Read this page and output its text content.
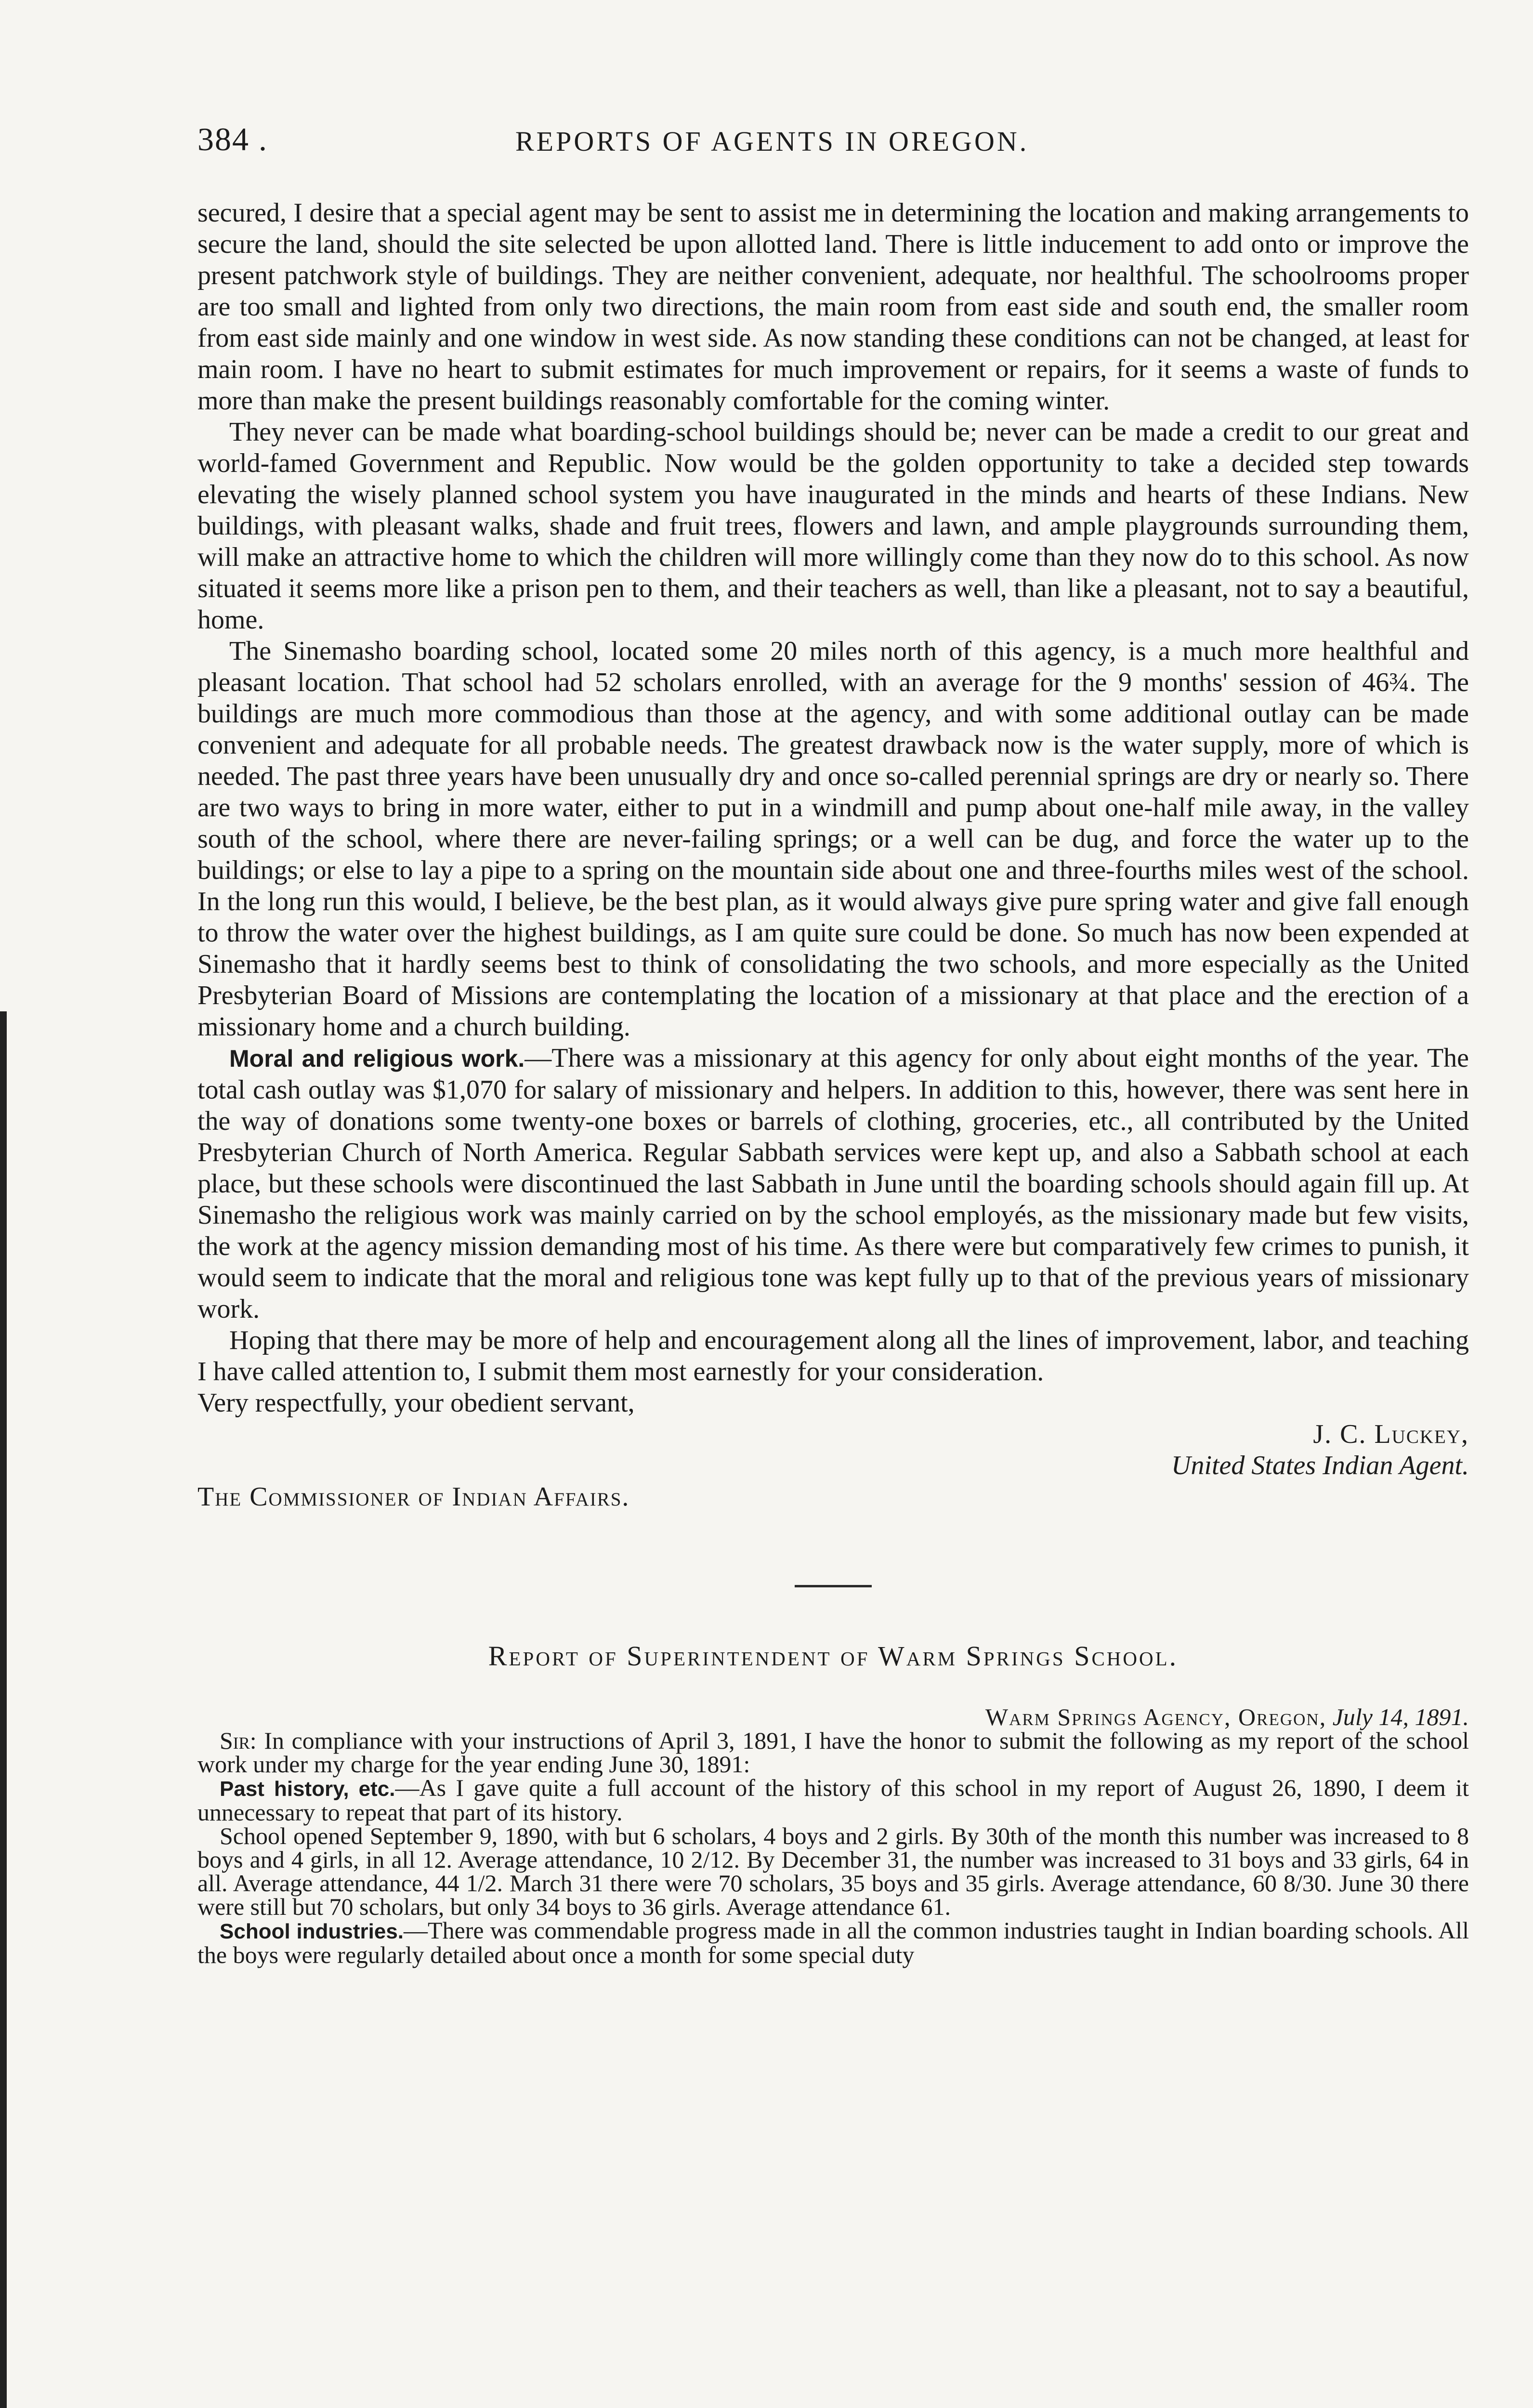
384 .	REPORTS OF AGENTS IN OREGON.

secured, I desire that a special agent may be sent to assist me in determining the location and making arrangements to secure the land, should the site selected be upon allotted land. There is little inducement to add onto or improve the present patchwork style of buildings. They are neither convenient, adequate, nor healthful. The schoolrooms proper are too small and lighted from only two directions, the main room from east side and south end, the smaller room from east side mainly and one window in west side. As now standing these conditions can not be changed, at least for main room. I have no heart to submit estimates for much improvement or repairs, for it seems a waste of funds to more than make the present buildings reasonably comfortable for the coming winter.

They never can be made what boarding-school buildings should be; never can be made a credit to our great and world-famed Government and Republic. Now would be the golden opportunity to take a decided step towards elevating the wisely planned school system you have inaugurated in the minds and hearts of these Indians. New buildings, with pleasant walks, shade and fruit trees, flowers and lawn, and ample playgrounds surrounding them, will make an attractive home to which the children will more willingly come than they now do to this school. As now situated it seems more like a prison pen to them, and their teachers as well, than like a pleasant, not to say a beautiful, home.

The Sinemasho boarding school, located some 20 miles north of this agency, is a much more healthful and pleasant location. That school had 52 scholars enrolled, with an average for the 9 months' session of 46¾. The buildings are much more commodious than those at the agency, and with some additional outlay can be made convenient and adequate for all probable needs. The greatest drawback now is the water supply, more of which is needed. The past three years have been unusually dry and once so-called perennial springs are dry or nearly so. There are two ways to bring in more water, either to put in a windmill and pump about one-half mile away, in the valley south of the school, where there are never-failing springs; or a well can be dug, and force the water up to the buildings; or else to lay a pipe to a spring on the mountain side about one and three-fourths miles west of the school. In the long run this would, I believe, be the best plan, as it would always give pure spring water and give fall enough to throw the water over the highest buildings, as I am quite sure could be done. So much has now been expended at Sinemasho that it hardly seems best to think of consolidating the two schools, and more especially as the United Presbyterian Board of Missions are contemplating the location of a missionary at that place and the erection of a missionary home and a church building.

Moral and religious work.—There was a missionary at this agency for only about eight months of the year. The total cash outlay was $1,070 for salary of missionary and helpers. In addition to this, however, there was sent here in the way of donations some twenty-one boxes or barrels of clothing, groceries, etc., all contributed by the United Presbyterian Church of North America. Regular Sabbath services were kept up, and also a Sabbath school at each place, but these schools were discontinued the last Sabbath in June until the boarding schools should again fill up. At Sinemasho the religious work was mainly carried on by the school employés, as the missionary made but few visits, the work at the agency mission demanding most of his time. As there were but comparatively few crimes to punish, it would seem to indicate that the moral and religious tone was kept fully up to that of the previous years of missionary work.

Hoping that there may be more of help and encouragement along all the lines of improvement, labor, and teaching I have called attention to, I submit them most earnestly for your consideration.

Very respectfully, your obedient servant,

J. C. Luckey,

United States Indian Agent.

The Commissioner of Indian Affairs.

Report of Superintendent of Warm Springs School.

Warm Springs Agency, Oregon, July 14, 1891.

Sir: In compliance with your instructions of April 3, 1891, I have the honor to submit the following as my report of the school work under my charge for the year ending June 30, 1891:

Past history, etc.—As I gave quite a full account of the history of this school in my report of August 26, 1890, I deem it unnecessary to repeat that part of its history.

School opened September 9, 1890, with but 6 scholars, 4 boys and 2 girls. By 30th of the month this number was increased to 8 boys and 4 girls, in all 12. Average attendance, 10 2/12. By December 31, the number was increased to 31 boys and 33 girls, 64 in all. Average attendance, 44 1/2. March 31 there were 70 scholars, 35 boys and 35 girls. Average attendance, 60 8/30. June 30 there were still but 70 scholars, but only 34 boys to 36 girls. Average attendance 61.

School industries.—There was commendable progress made in all the common industries taught in Indian boarding schools. All the boys were regularly detailed about once a month for some special duty
